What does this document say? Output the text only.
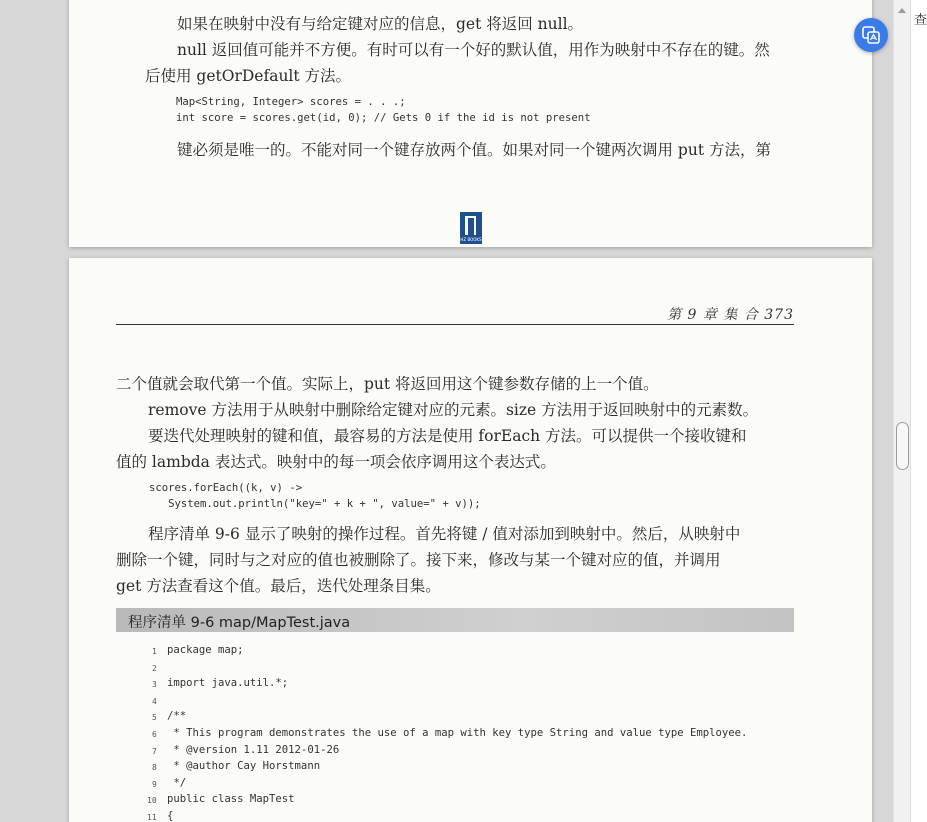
如果在映射中没有与给定键对应的信息，get 将返回 null。
null 返回值可能并不方便。有时可以有一个好的默认值，用作为映射中不存在的键。然
后使用 getOrDefault 方法。
Map<String, Integer> scores = . . .;
int score = scores.get(id, 0); // Gets 0 if the id is not present
键必须是唯一的。不能对同一个键存放两个值。如果对同一个键两次调用 put 方法，第
HZ BOOKS
第 9 章 集 合 373
二个值就会取代第一个值。实际上，put 将返回用这个键参数存储的上一个值。
remove 方法用于从映射中删除给定键对应的元素。size 方法用于返回映射中的元素数。
要迭代处理映射的键和值，最容易的方法是使用 forEach 方法。可以提供一个接收键和
值的 lambda 表达式。映射中的每一项会依序调用这个表达式。
scores.forEach((k, v) ->
System.out.println("key=" + k + ", value=" + v));
程序清单 9-6 显示了映射的操作过程。首先将键 / 值对添加到映射中。然后，从映射中
删除一个键，同时与之对应的值也被删除了。接下来，修改与某一个键对应的值，并调用
get 方法查看这个值。最后，迭代处理条目集。
程序清单 9-6 map/MapTest.java
1 package map;
2
3 import java.util.*;
4
5 /**
6 * This program demonstrates the use of a map with key type String and value type Employee.
7 * @version 1.11 2012-01-26
8 * @author Cay Horstmann
9 */
10 public class MapTest
11 {
查
